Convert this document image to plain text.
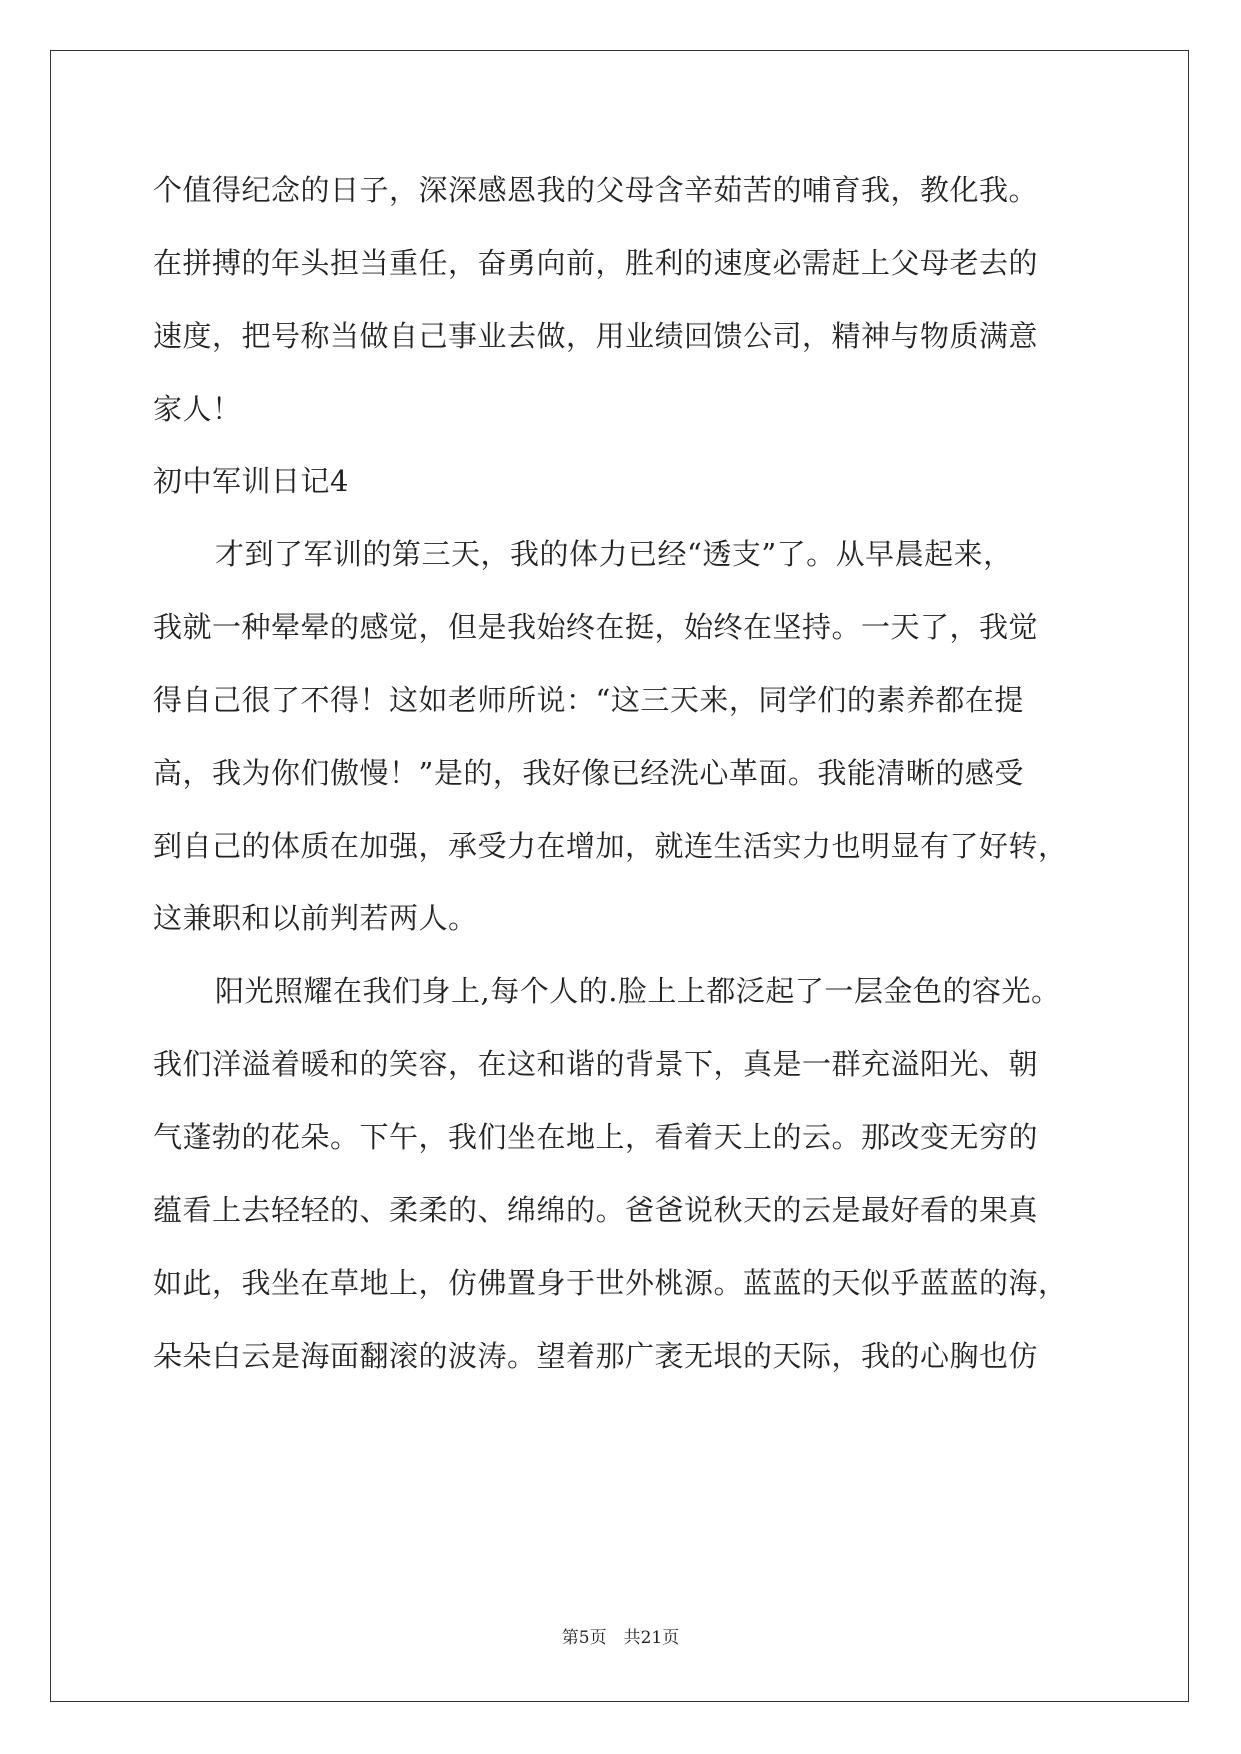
个值得纪念的日子，深深感恩我的父母含辛茹苦的哺育我，教化我。
在拼搏的年头担当重任，奋勇向前，胜利的速度必需赶上父母老去的
速度，把号称当做自己事业去做，用业绩回馈公司，精神与物质满意
家人！
初中军训日记4
才到了军训的第三天，我的体力已经“透支”了。从早晨起来，
我就一种晕晕的感觉，但是我始终在挺，始终在坚持。一天了，我觉
得自己很了不得！这如老师所说：“这三天来，同学们的素养都在提
高，我为你们傲慢！”是的，我好像已经洗心革面。我能清晰的感受
到自己的体质在加强，承受力在增加，就连生活实力也明显有了好转，
这兼职和以前判若两人。
阳光照耀在我们身上,每个人的.脸上上都泛起了一层金色的容光。
我们洋溢着暖和的笑容，在这和谐的背景下，真是一群充溢阳光、朝
气蓬勃的花朵。下午，我们坐在地上，看着天上的云。那改变无穷的
蕴看上去轻轻的、柔柔的、绵绵的。爸爸说秋天的云是最好看的果真
如此，我坐在草地上，仿佛置身于世外桃源。蓝蓝的天似乎蓝蓝的海，
朵朵白云是海面翻滚的波涛。望着那广袤无垠的天际，我的心胸也仿
第5页　共21页
